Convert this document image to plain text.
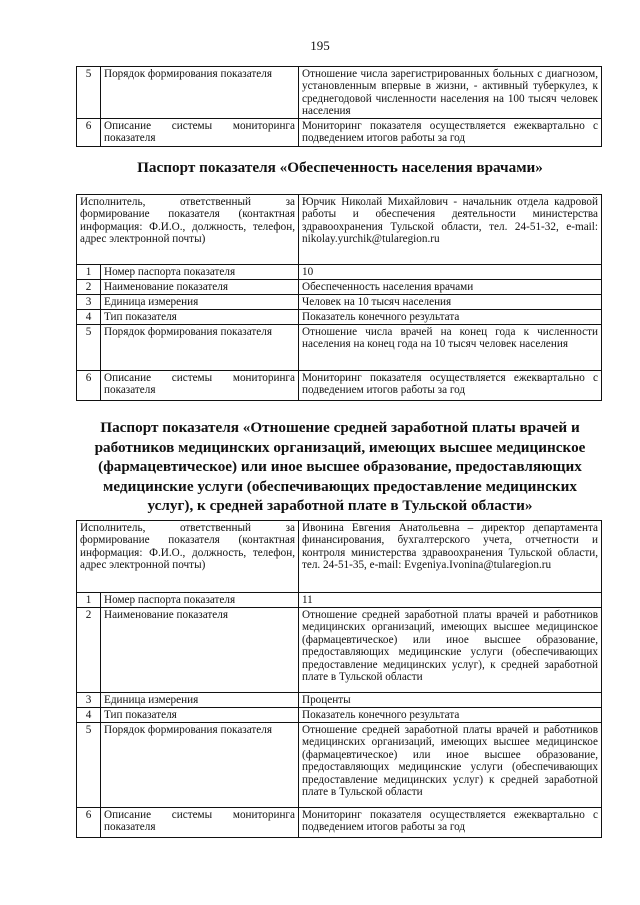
195
5	Порядок формирования показателя	Отношение числа зарегистрированных больных с диагнозом, установленным впервые в жизни, - активный туберкулез, к среднегодовой численности населения на 100 тысяч человек населения
6	Описание системы мониторинга показателя	Мониторинг показателя осуществляется ежеквартально с подведением итогов работы за год
Паспорт показателя «Обеспеченность населения врачами»
Исполнитель, ответственный за формирование показателя (контактная информация: Ф.И.О., должность, телефон, адрес электронной почты)		Юрчик Николай Михайлович - начальник отдела кадровой работы и обеспечения деятельности министерства здравоохранения Тульской области, тел. 24-51-32, e-mail: nikolay.yurchik@tularegion.ru
1	Номер паспорта показателя	10
2	Наименование показателя	Обеспеченность населения врачами
3	Единица измерения	Человек на 10 тысяч населения
4	Тип показателя	Показатель конечного результата
5	Порядок формирования показателя	Отношение числа врачей на конец года к численности населения на конец года на 10 тысяч человек населения
6	Описание системы мониторинга показателя	Мониторинг показателя осуществляется ежеквартально с подведением итогов работы за год
Паспорт показателя «Отношение средней заработной платы врачей и
работников медицинских организаций, имеющих высшее медицинское
(фармацевтическое) или иное высшее образование, предоставляющих
медицинские услуги (обеспечивающих предоставление медицинских
услуг), к средней заработной плате в Тульской области»
Исполнитель, ответственный за формирование показателя (контактная информация: Ф.И.О., должность, телефон, адрес электронной почты)		Ивонина Евгения Анатольевна – директор департамента финансирования, бухгалтерского учета, отчетности и контроля министерства здравоохранения Тульской области, тел. 24-51-35, e-mail: Evgeniya.Ivonina@tularegion.ru
1	Номер паспорта показателя	11
2	Наименование показателя	Отношение средней заработной платы врачей и работников медицинских организаций, имеющих высшее медицинское (фармацевтическое) или иное высшее образование, предоставляющих медицинские услуги (обеспечивающих предоставление медицинских услуг), к средней заработной плате в Тульской области
3	Единица измерения	Проценты
4	Тип показателя	Показатель конечного результата
5	Порядок формирования показателя	Отношение средней заработной платы врачей и работников медицинских организаций, имеющих высшее медицинское (фармацевтическое) или иное высшее образование, предоставляющих медицинские услуги (обеспечивающих предоставление медицинских услуг) к средней заработной плате в Тульской области
6	Описание системы мониторинга показателя	Мониторинг показателя осуществляется ежеквартально с подведением итогов работы за год
